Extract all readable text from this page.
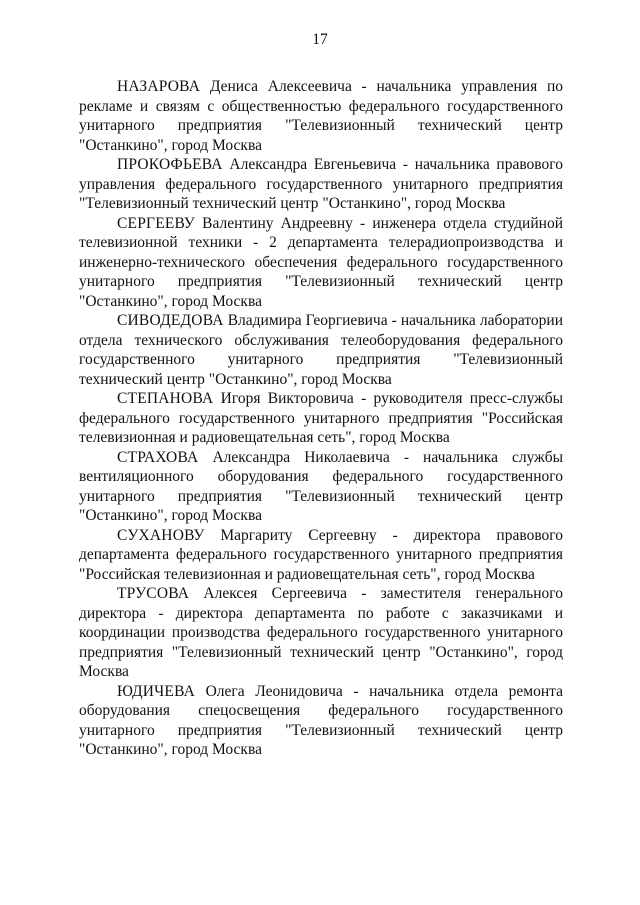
17

НАЗАРОВА Дениса Алексеевича - начальника управления по рекламе и связям с общественностью федерального государственного унитарного предприятия "Телевизионный технический центр "Останкино", город Москва

ПРОКОФЬЕВА Александра Евгеньевича - начальника правового управления федерального государственного унитарного предприятия "Телевизионный технический центр "Останкино", город Москва

СЕРГЕЕВУ Валентину Андреевну - инженера отдела студийной телевизионной техники - 2 департамента телерадиопроизводства и инженерно-технического обеспечения федерального государственного унитарного предприятия "Телевизионный технический центр "Останкино", город Москва

СИВОДЕДОВА Владимира Георгиевича - начальника лаборатории отдела технического обслуживания телеоборудования федерального государственного унитарного предприятия "Телевизионный технический центр "Останкино", город Москва

СТЕПАНОВА Игоря Викторовича - руководителя пресс-службы федерального государственного унитарного предприятия "Российская телевизионная и радиовещательная сеть", город Москва

СТРАХОВА Александра Николаевича - начальника службы вентиляционного оборудования федерального государственного унитарного предприятия "Телевизионный технический центр "Останкино", город Москва

СУХАНОВУ Маргариту Сергеевну - директора правового департамента федерального государственного унитарного предприятия "Российская телевизионная и радиовещательная сеть", город Москва

ТРУСОВА Алексея Сергеевича - заместителя генерального директора - директора департамента по работе с заказчиками и координации производства федерального государственного унитарного предприятия "Телевизионный технический центр "Останкино", город Москва

ЮДИЧЕВА Олега Леонидовича - начальника отдела ремонта оборудования спецосвещения федерального государственного унитарного предприятия "Телевизионный технический центр "Останкино", город Москва
